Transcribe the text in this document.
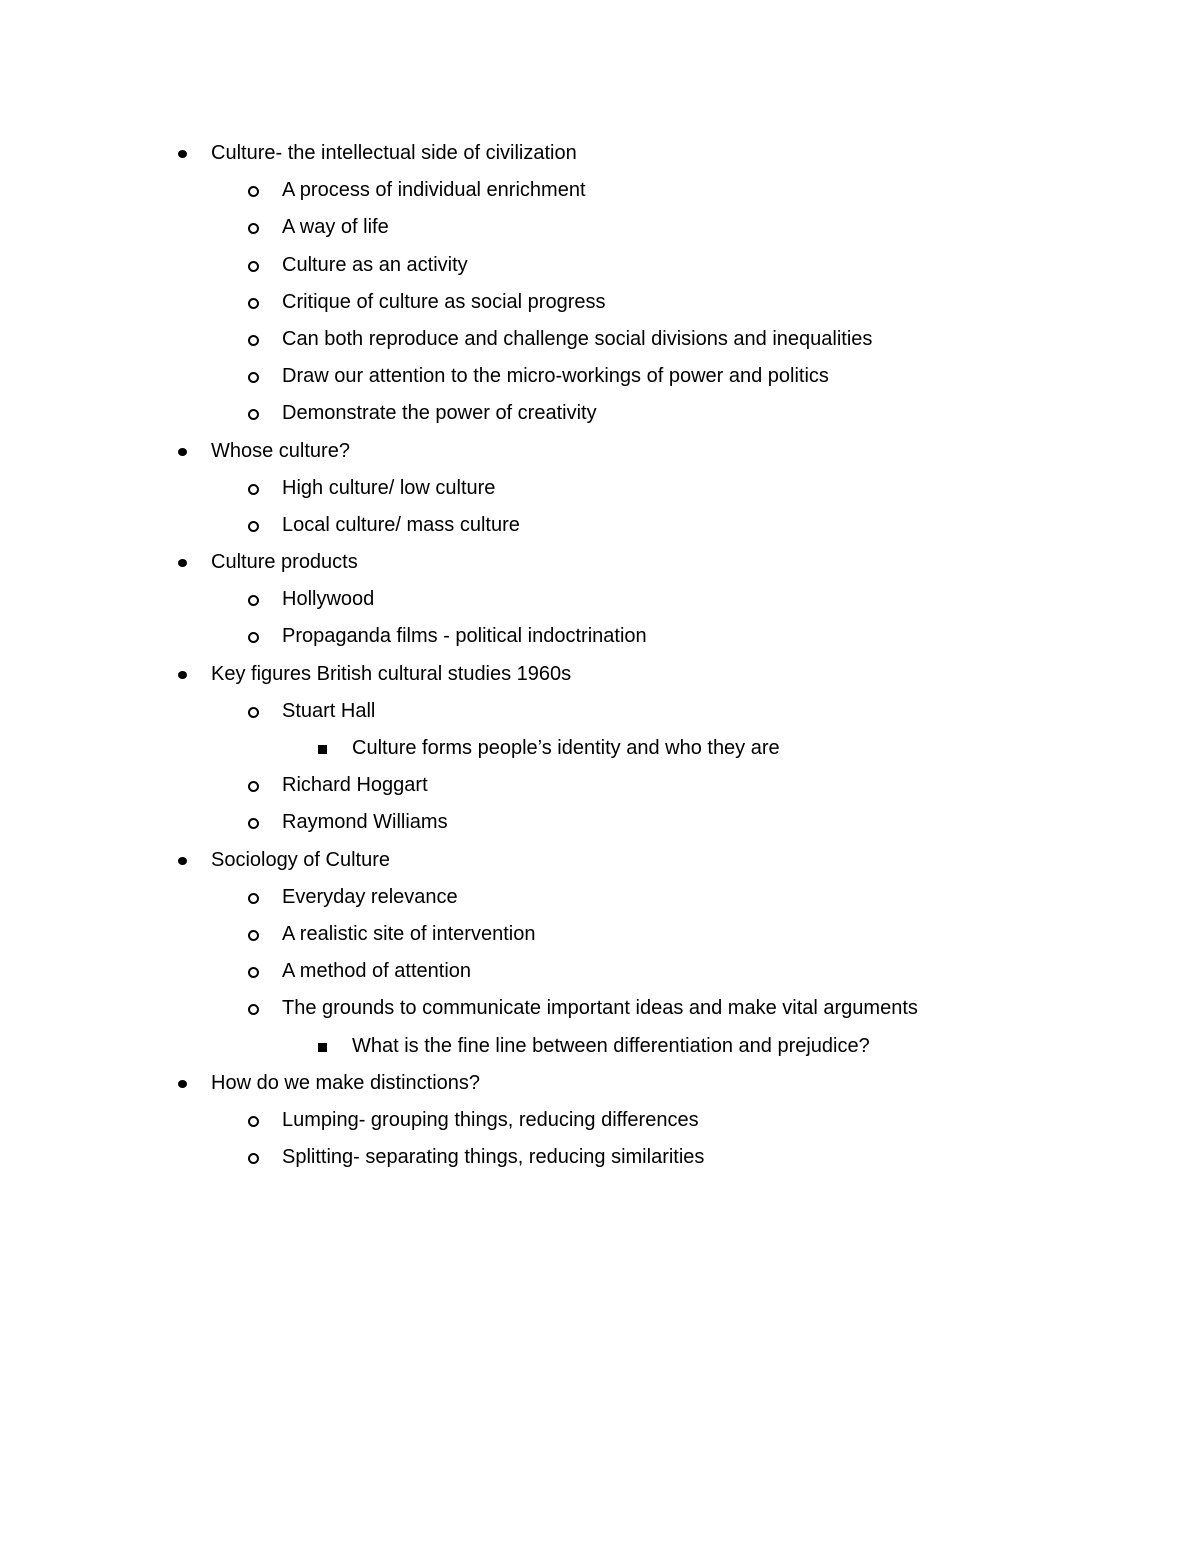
Culture- the intellectual side of civilization
A process of individual enrichment
A way of life
Culture as an activity
Critique of culture as social progress
Can both reproduce and challenge social divisions and inequalities
Draw our attention to the micro-workings of power and politics
Demonstrate the power of creativity
Whose culture?
High culture/ low culture
Local culture/ mass culture
Culture products
Hollywood
Propaganda films - political indoctrination
Key figures British cultural studies 1960s
Stuart Hall
Culture forms people’s identity and who they are
Richard Hoggart
Raymond Williams
Sociology of Culture
Everyday relevance
A realistic site of intervention
A method of attention
The grounds to communicate important ideas and make vital arguments
What is the fine line between differentiation and prejudice?
How do we make distinctions?
Lumping- grouping things, reducing differences
Splitting- separating things, reducing similarities
